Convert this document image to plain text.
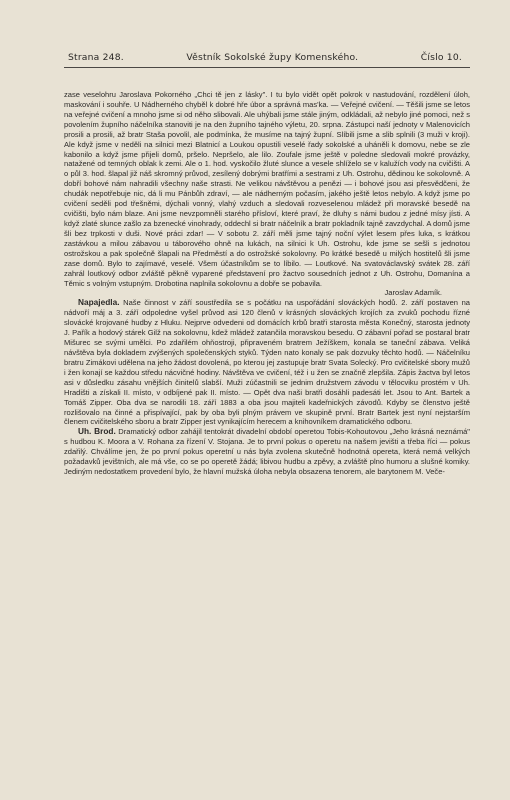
Strana 248.	Věstník Sokolské župy Komenského.	Číslo 10.

zase veselohru Jaroslava Pokorného „Chci tě jen z lásky". I tu bylo vidět opět pokrok v nastudování, rozdělení úloh, maskování i souhře. U Nádherného chyběl k dobré hře úbor a správná mas'ka. — Veřejné cvičení. — Těšili jsme se letos na veřejné cvičení a mnoho jsme si od něho slibovali. Ale uhýbali jsme stále jiným, odkládali, až nebylo jiné pomoci, než s povolením župního náčelníka stanoviti je na den župního tajného výletu, 20. srpna. Zástupci naší jednoty v Malenovicích prosili a prosili, až bratr Staša povolil, ale podmínka, že musíme na tajný župní. Slíbili jsme a slib splnili (3 muži v kroji). Ale když jsme v neděli na silnici mezi Blatnicí a Loukou opustili veselé řady sokolské a uháněli k domovu, nebe se zle kabonilo a když jsme přijeli domů, pršelo. Nepršelo, ale lilo. Zoufale jsme ještě v poledne sledovali mokré provázky, natažené od temných oblak k zemi. Ale o 1. hod. vyskočilo žluté slunce a vesele shlíželo se v kalužích vody na cvičišti. A o půl 3. hod. šlapal již náš skromný průvod, zesílený dobrými bratřími a sestrami z Uh. Ostrohu, dědinou ke sokolovně. A dobří bohové nám nahradili všechny naše strasti. Ne velikou návštěvou a penězi — i bohové jsou asi přesvědčeni, že chudák nepotřebuje nic, dá li mu Pánbůh zdraví, — ale nádherným počasím, jakého ještě letos nebylo. A když jsme po cvičení seděli pod třešněmi, dýchali vonný, vlahý vzduch a sledovali rozveselenou mládež při moravské besedě na cvičišti, bylo nám blaze. Ani jsme nevzpomněli starého přísloví, které praví, že dluhy s námi budou z jedné mísy jísti. A když zlaté slunce zašlo za bzenecké vinohrady, oddechl si bratr náčelník a bratr pokladník tajně zavzdychal. A domů jsme šli bez trpkosti v duši. Nové práci zdar! — V sobotu 2. září měli jsme tajný noční výlet lesem přes luka, s krátkou zastávkou a milou zábavou u táborového ohně na lukách, na silnici k Uh. Ostrohu, kde jsme se sešli s jednotou ostrožskou a pak společně šlapali na Předměstí a do ostrožské sokolovny. Po krátké besedě u milých hostitelů šli jsme zase domů. Bylo to zajímavé, veselé. Všem účastníkům se to líbilo. — Loutkové. Na svatováclavský svátek 28. září zahrál loutkový odbor zvláště pěkně vyparené představení pro žactvo sousedních jednot z Uh. Ostrohu, Domanína a Těmic s volným vstupným. Drobotina naplnila sokolovnu a dobře se pobavila.

Jaroslav Adamík.

Napajedla. Naše činnost v září soustředila se s počátku na uspořádání slováckých hodů. 2. září postaven na nádvoří máj a 3. září odpoledne vyšel průvod asi 120 členů v krásných slováckých krojích za zvuků pochodu řízné slovácké krojované hudby z Hluku. Nejprve odvedeni od domácích krbů bratři starosta města Konečný, starosta jednoty J. Pařík a hodový stárek Gilž na sokolovnu, kdež mládež zatančila moravskou besedu. O zábavní pořad se postaral bratr Mišurec se svými umělci. Po zdařilém ohňostroji, připraveném bratrem Ježíškem, konala se taneční zábava. Veliká návštěva byla dokladem zvýšených společenských styků. Týden nato konaly se pak dozvuky těchto hodů. — Náčelníku bratru Zimákovi udělena na jeho žádost dovolená, po kterou jej zastupuje bratr Svata Solecký. Pro cvičitelské sbory mužů i žen konají se každou středu nácvičné hodiny. Návštěva ve cvičení, též i u žen se značně zlepšila. Zápis žactva byl letos asi v důsledku zásahu vnějších činitelů slabší. Muži zúčastnili se jednim družstvem závodu v tělocviku prostém v Uh. Hradišti a získali II. místo, v odbíjené pak II. místo. — Opět dva naši bratři dosáhli padesáti let. Jsou to Ant. Bartek a Tomáš Zipper. Oba dva se narodili 18. září 1883 a oba jsou majiteli kadeřnických závodů. Kdyby se členstvo ještě rozlišovalo na činné a přispívající, pak by oba byli plným právem ve skupině první. Bratr Bartek jest nyní nejstarším členem cvičitelského sboru a bratr Zipper jest vynikajícím herecem a knihovníkem dramatického odboru.

Uh. Brod. Dramatický odbor zahájil tentokrát divadelní období operetou Tobis-Kohoutovou „Jeho krásná neznámá" s hudbou K. Moora a V. Rohana za řízení V. Stojana. Je to první pokus o operetu na našem jevišti a třeba říci — pokus zdařilý. Chválíme jen, že po první pokus operetní u nás byla zvolena skutečně hodnotná opereta, která nemá velkých požadavků jevištních, ale má vše, co se po operetě žádá; libivou hudbu a zpěvy, a zvláště plno humoru a slušné komiky. Jediným nedostatkem provedení bylo, že hlavní mužská úloha nebyla obsazena tenorem, ale barytonem M. Veče-
